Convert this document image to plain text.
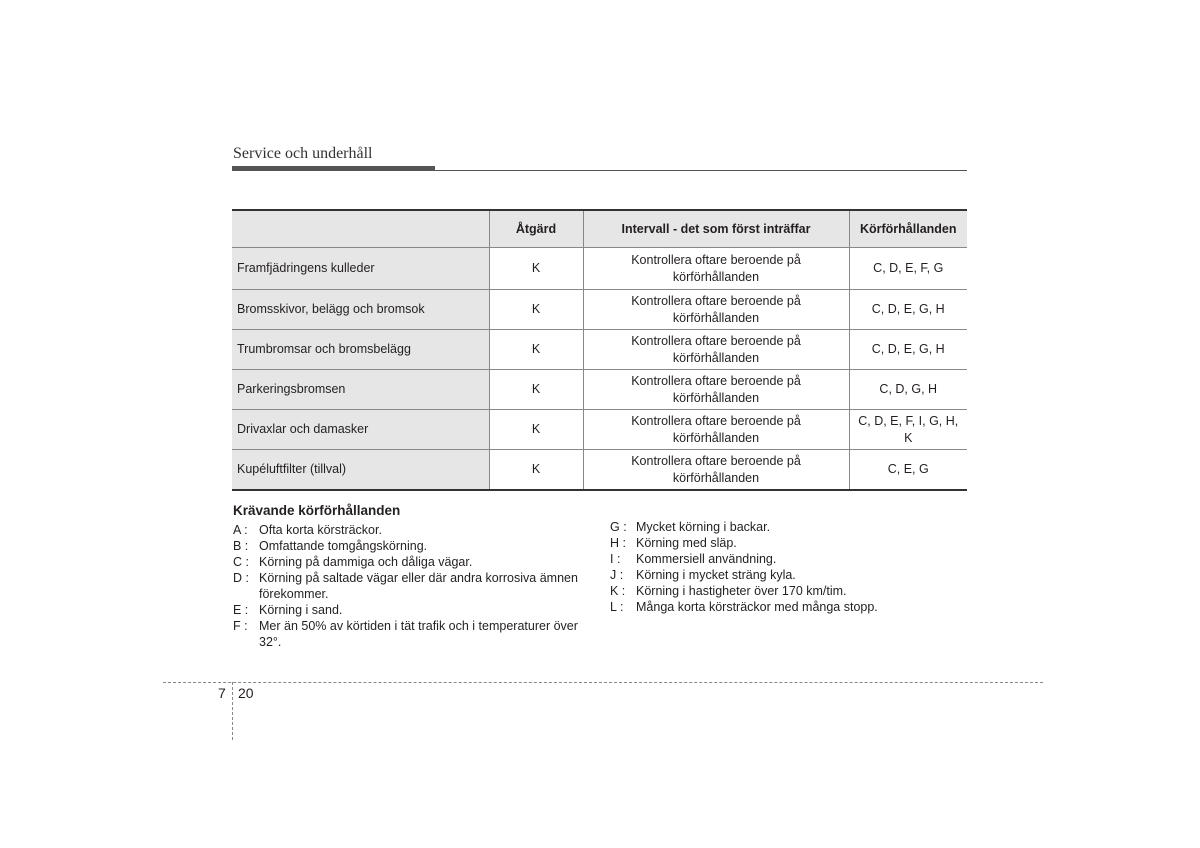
Service och underhåll
	Åtgärd	Intervall - det som först inträffar	Körförhållanden
Framfjädringens kulleder	K	Kontrollera oftare beroende på körförhållanden	C, D, E, F, G
Bromsskivor, belägg och bromsok	K	Kontrollera oftare beroende på körförhållanden	C, D, E, G, H
Trumbromsar och bromsbelägg	K	Kontrollera oftare beroende på körförhållanden	C, D, E, G, H
Parkeringsbromsen	K	Kontrollera oftare beroende på körförhållanden	C, D, G, H
Drivaxlar och damasker	K	Kontrollera oftare beroende på körförhållanden	C, D, E, F, I, G, H, K
Kupéluftfilter (tillval)	K	Kontrollera oftare beroende på körförhållanden	C, E, G
Krävande körförhållanden
A : Ofta korta körsträckor.
B : Omfattande tomgångskörning.
C : Körning på dammiga och dåliga vägar.
D : Körning på saltade vägar eller där andra korrosiva ämnen förekommer.
E : Körning i sand.
F : Mer än 50% av körtiden i tät trafik och i temperaturer över 32°.
G : Mycket körning i backar.
H : Körning med släp.
I :	Kommersiell användning.
J :	Körning i mycket sträng kyla.
K : Körning i hastigheter över 170 km/tim.
L :	Många korta körsträckor med många stopp.
7 20
